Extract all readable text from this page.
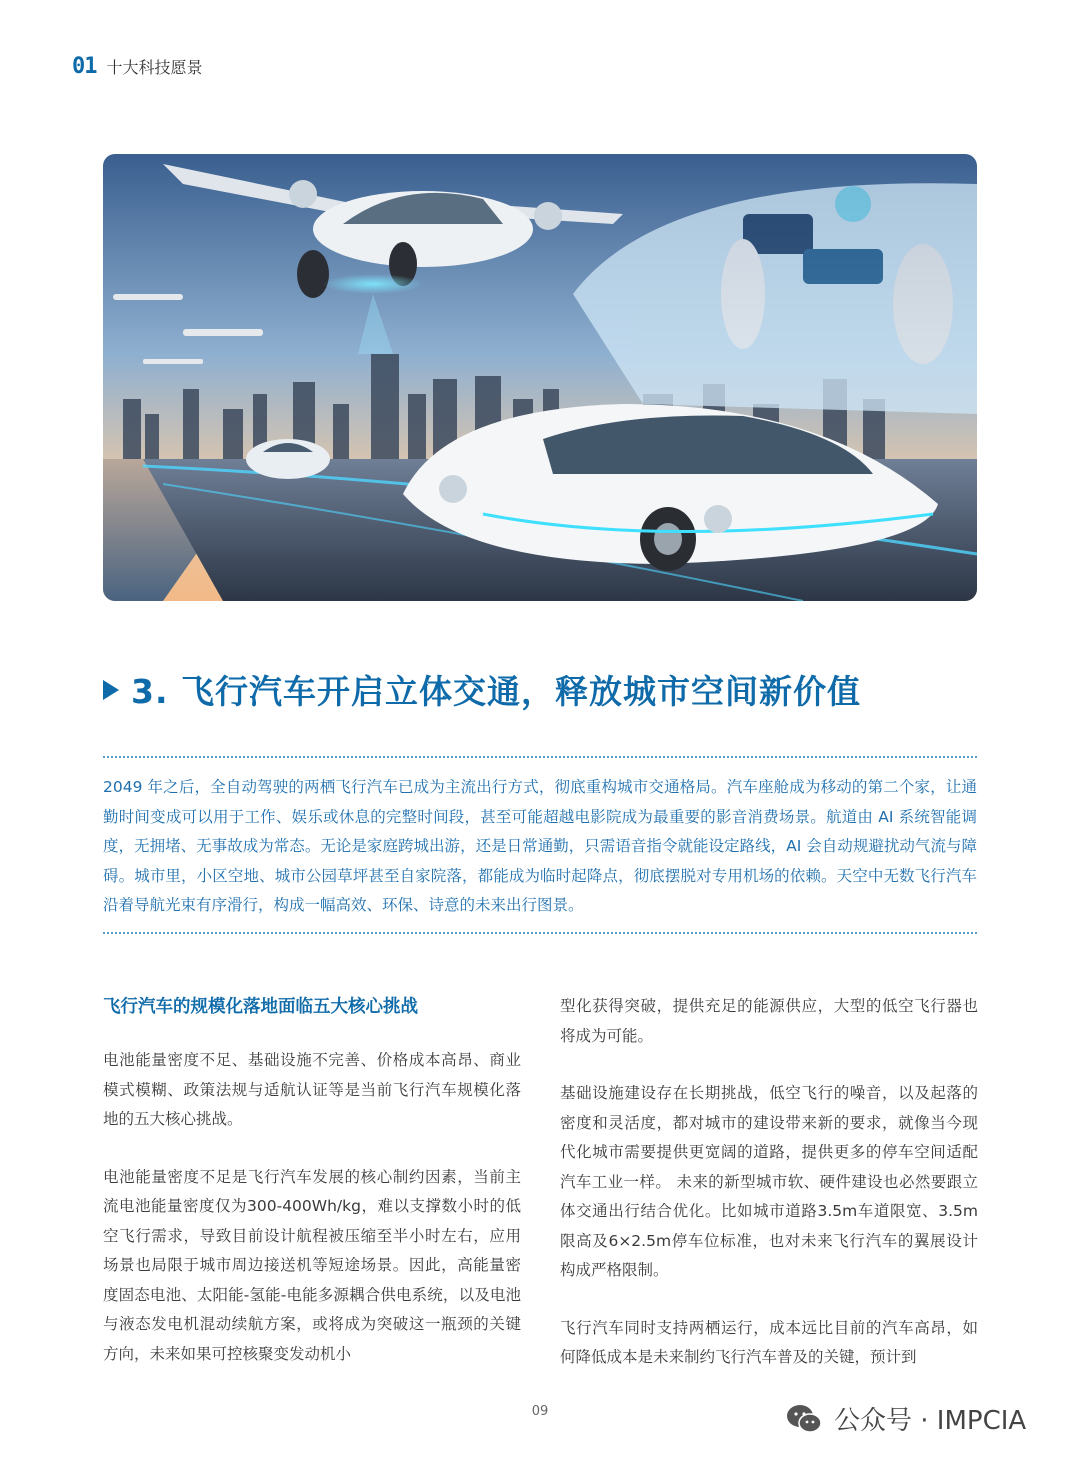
01 十大科技愿景
3. 飞行汽车开启立体交通，释放城市空间新价值
2049 年之后，全自动驾驶的两栖飞行汽车已成为主流出行方式，彻底重构城市交通格局。汽车座舱成为移动的第二个家，让通勤时间变成可以用于工作、娱乐或休息的完整时间段，甚至可能超越电影院成为最重要的影音消费场景。航道由 AI 系统智能调度，无拥堵、无事故成为常态。无论是家庭跨城出游，还是日常通勤，只需语音指令就能设定路线，AI 会自动规避扰动气流与障碍。城市里，小区空地、城市公园草坪甚至自家院落，都能成为临时起降点，彻底摆脱对专用机场的依赖。天空中无数飞行汽车沿着导航光束有序滑行，构成一幅高效、环保、诗意的未来出行图景。
飞行汽车的规模化落地面临五大核心挑战

电池能量密度不足、基础设施不完善、价格成本高昂、商业模式模糊、政策法规与适航认证等是当前飞行汽车规模化落地的五大核心挑战。

电池能量密度不足是飞行汽车发展的核心制约因素，当前主流电池能量密度仅为300-400Wh/kg，难以支撑数小时的低空飞行需求，导致目前设计航程被压缩至半小时左右，应用场景也局限于城市周边接送机等短途场景。因此，高能量密度固态电池、太阳能-氢能-电能多源耦合供电系统，以及电池与液态发电机混动续航方案，或将成为突破这一瓶颈的关键方向，未来如果可控核聚变发动机小

型化获得突破，提供充足的能源供应，大型的低空飞行器也将成为可能。

基础设施建设存在长期挑战，低空飞行的噪音，以及起落的密度和灵活度，都对城市的建设带来新的要求，就像当今现代化城市需要提供更宽阔的道路，提供更多的停车空间适配汽车工业一样。 未来的新型城市软、硬件建设也必然要跟立体交通出行结合优化。比如城市道路3.5m车道限宽、3.5m限高及6×2.5m停车位标准，也对未来飞行汽车的翼展设计构成严格限制。

飞行汽车同时支持两栖运行，成本远比目前的汽车高昂，如何降低成本是未来制约飞行汽车普及的关键，预计到

09	公众号 · IMPCIA
